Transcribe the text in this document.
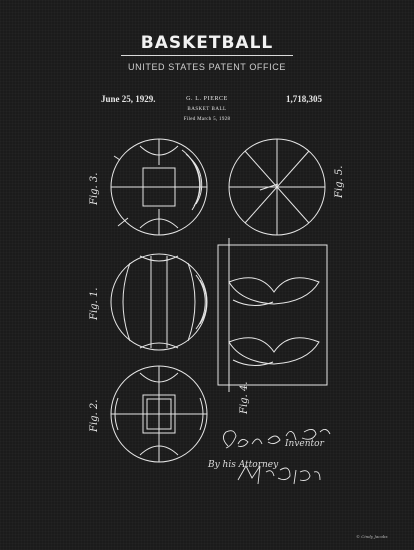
BASKETBALL
UNITED STATES PATENT OFFICE
June 25, 1929.	G. L. PIERCE	1,718,305
BASKET BALL
Filed March 5, 1928
Fig. 3.	Fig. 5.
Fig. 1.
Fig. 4.
Fig. 2.
Inventor
By his Attorney
© Cindy Jacobs
